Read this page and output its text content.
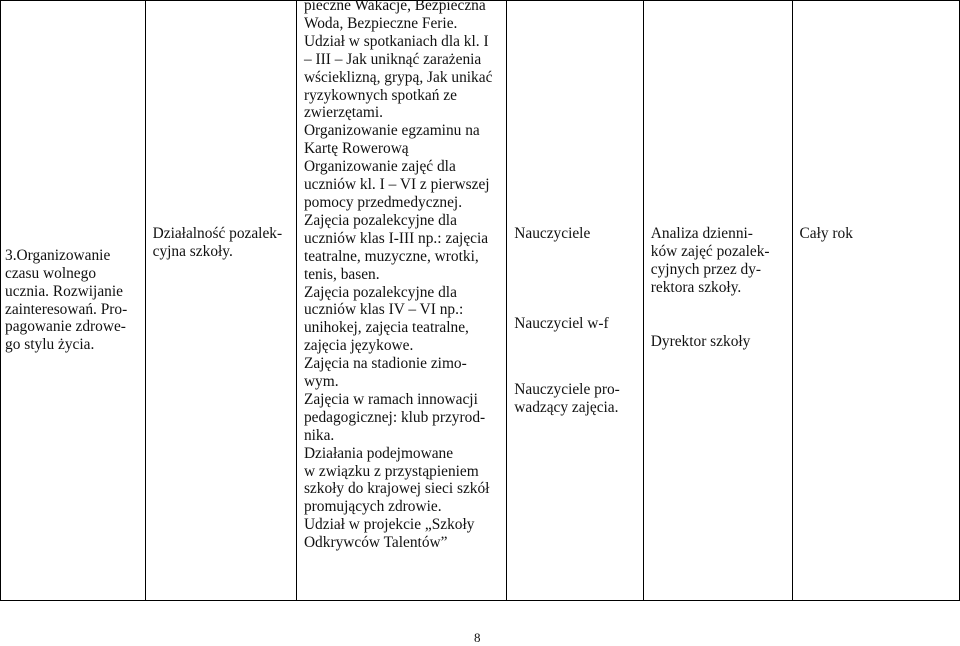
3.Organizowanie
czasu wolnego
ucznia. Rozwijanie
zainteresowań. Pro-
pagowanie zdrowe-
go stylu życia.

Działalność pozalek-
cyjna szkoły.

pieczne Wakacje, Bezpieczna
Woda, Bezpieczne Ferie.
Udział w spotkaniach dla kl. I
– III – Jak uniknąć zarażenia
wścieklizną, grypą, Jak unikać
ryzykownych spotkań ze
zwierzętami.
Organizowanie egzaminu na
Kartę Rowerową
Organizowanie zajęć dla
uczniów kl. I – VI z pierwszej
pomocy przedmedycznej.
Zajęcia pozalekcyjne dla
uczniów klas I-III np.: zajęcia
teatralne, muzyczne, wrotki,
tenis, basen.
Zajęcia pozalekcyjne dla
uczniów klas IV – VI np.:
unihokej, zajęcia teatralne,
zajęcia językowe.
Zajęcia na stadionie zimo-
wym.
Zajęcia w ramach innowacji
pedagogicznej: klub przyrod-
nika.
Działania podejmowane
w związku z przystąpieniem
szkoły do krajowej sieci szkół
promujących zdrowie.
Udział w projekcie „Szkoły
Odkrywców Talentów”

Nauczyciele
Nauczyciel w-f
Nauczyciele pro-
wadzący zajęcia.

Analiza dzienni-
ków zajęć pozalek-
cyjnych przez dy-
rektora szkoły.
Dyrektor szkoły

Cały rok
8
